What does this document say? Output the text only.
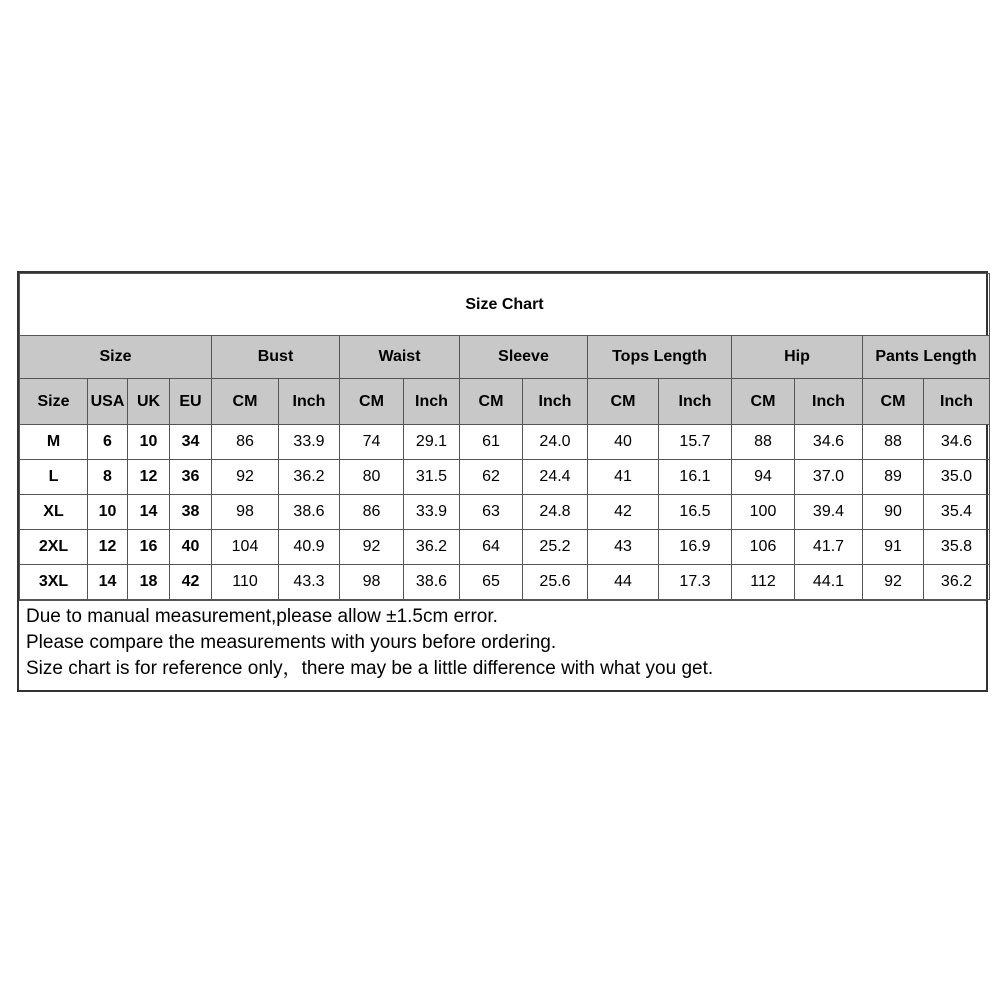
Size Chart															
Size				Bust		Waist		Sleeve		Tops Length		Hip		Pants Length	
Size	USA	UK	EU	CM	Inch	CM	Inch	CM	Inch	CM	Inch	CM	Inch	CM	Inch
M	6	10	34	86	33.9	74	29.1	61	24.0	40	15.7	88	34.6	88	34.6
L	8	12	36	92	36.2	80	31.5	62	24.4	41	16.1	94	37.0	89	35.0
XL	10	14	38	98	38.6	86	33.9	63	24.8	42	16.5	100	39.4	90	35.4
2XL	12	16	40	104	40.9	92	36.2	64	25.2	43	16.9	106	41.7	91	35.8
3XL	14	18	42	110	43.3	98	38.6	65	25.6	44	17.3	112	44.1	92	36.2
Due to manual measurement,please allow ±1.5cm error.
Please compare the measurements with yours before ordering.
Size chart is for reference only，there may be a little difference with what you get.
